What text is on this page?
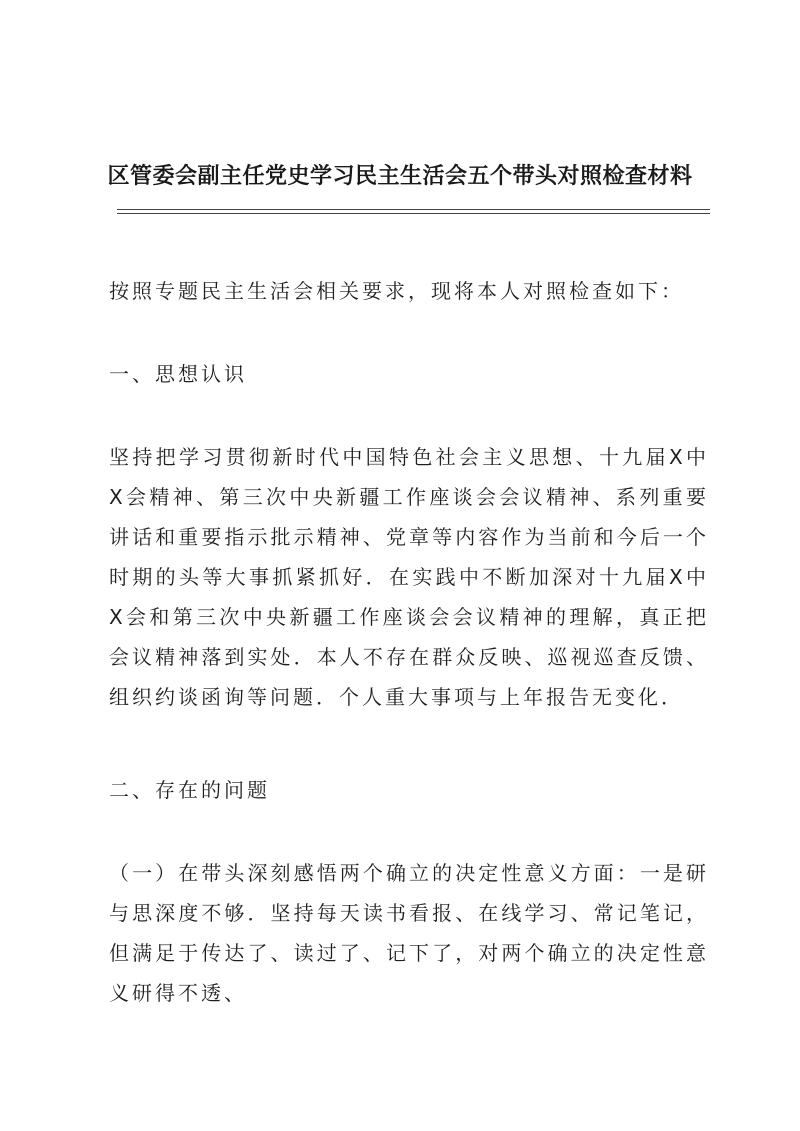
区管委会副主任党史学习民主生活会五个带头对照检查材料

按照专题民主生活会相关要求，现将本人对照检查如下：

一、思想认识

坚持把学习贯彻新时代中国特色社会主义思想、十九届X中X会精神、第三次中央新疆工作座谈会会议精神、系列重要讲话和重要指示批示精神、党章等内容作为当前和今后一个时期的头等大事抓紧抓好．在实践中不断加深对十九届X中X会和第三次中央新疆工作座谈会会议精神的理解，真正把会议精神落到实处．本人不存在群众反映、巡视巡查反馈、组织约谈函询等问题．个人重大事项与上年报告无变化．

二、存在的问题

（一）在带头深刻感悟两个确立的决定性意义方面：一是研与思深度不够．坚持每天读书看报、在线学习、常记笔记，但满足于传达了、读过了、记下了，对两个确立的决定性意义研得不透、
